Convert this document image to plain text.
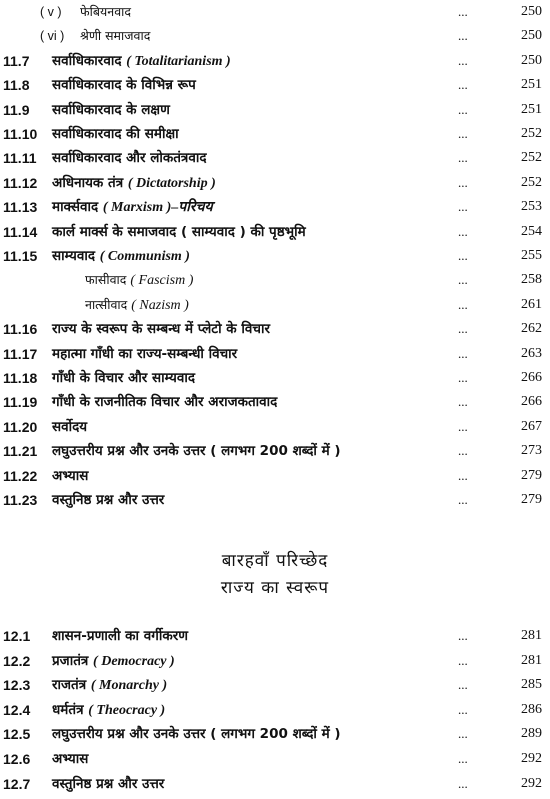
( v ) फेबियनवाद	...	250
( vi ) श्रेणी समाजवाद	...	250
11.7 सर्वाधिकारवाद ( Totalitarianism )	...	250
11.8 सर्वाधिकारवाद के विभिन्न रूप	...	251
11.9 सर्वाधिकारवाद के लक्षण	...	251
11.10 सर्वाधिकारवाद की समीक्षा	...	252
11.11 सर्वाधिकारवाद और लोकतंत्रवाद	...	252
11.12 अधिनायक तंत्र ( Dictatorship )	...	252
11.13 मार्क्सवाद ( Marxism )–परिचय	...	253
11.14 कार्ल मार्क्स के समाजवाद ( साम्यवाद ) की पृष्ठभूमि	...	254
11.15 साम्यवाद ( Communism )	...	255
फासीवाद ( Fascism )	...	258
नात्सीवाद ( Nazism )	...	261
11.16 राज्य के स्वरूप के सम्बन्ध में प्लेटो के विचार	...	262
11.17 महात्मा गाँधी का राज्य-सम्बन्धी विचार	...	263
11.18 गाँधी के विचार और साम्यवाद	...	266
11.19 गाँधी के राजनीतिक विचार और अराजकतावाद	...	266
11.20 सर्वोदय	...	267
11.21 लघुउत्तरीय प्रश्न और उनके उत्तर ( लगभग 200 शब्दों में )	...	273
11.22 अभ्यास	...	279
11.23 वस्तुनिष्ठ प्रश्न और उत्तर	...	279
बारहवाँ परिच्छेद
राज्य का स्वरूप
12.1 शासन-प्रणाली का वर्गीकरण	...	281
12.2 प्रजातंत्र ( Democracy )	...	281
12.3 राजतंत्र ( Monarchy )	...	285
12.4 धर्मतंत्र ( Theocracy )	...	286
12.5 लघुउत्तरीय प्रश्न और उनके उत्तर ( लगभग 200 शब्दों में )	...	289
12.6 अभ्यास	...	292
12.7 वस्तुनिष्ठ प्रश्न और उत्तर	...	292
